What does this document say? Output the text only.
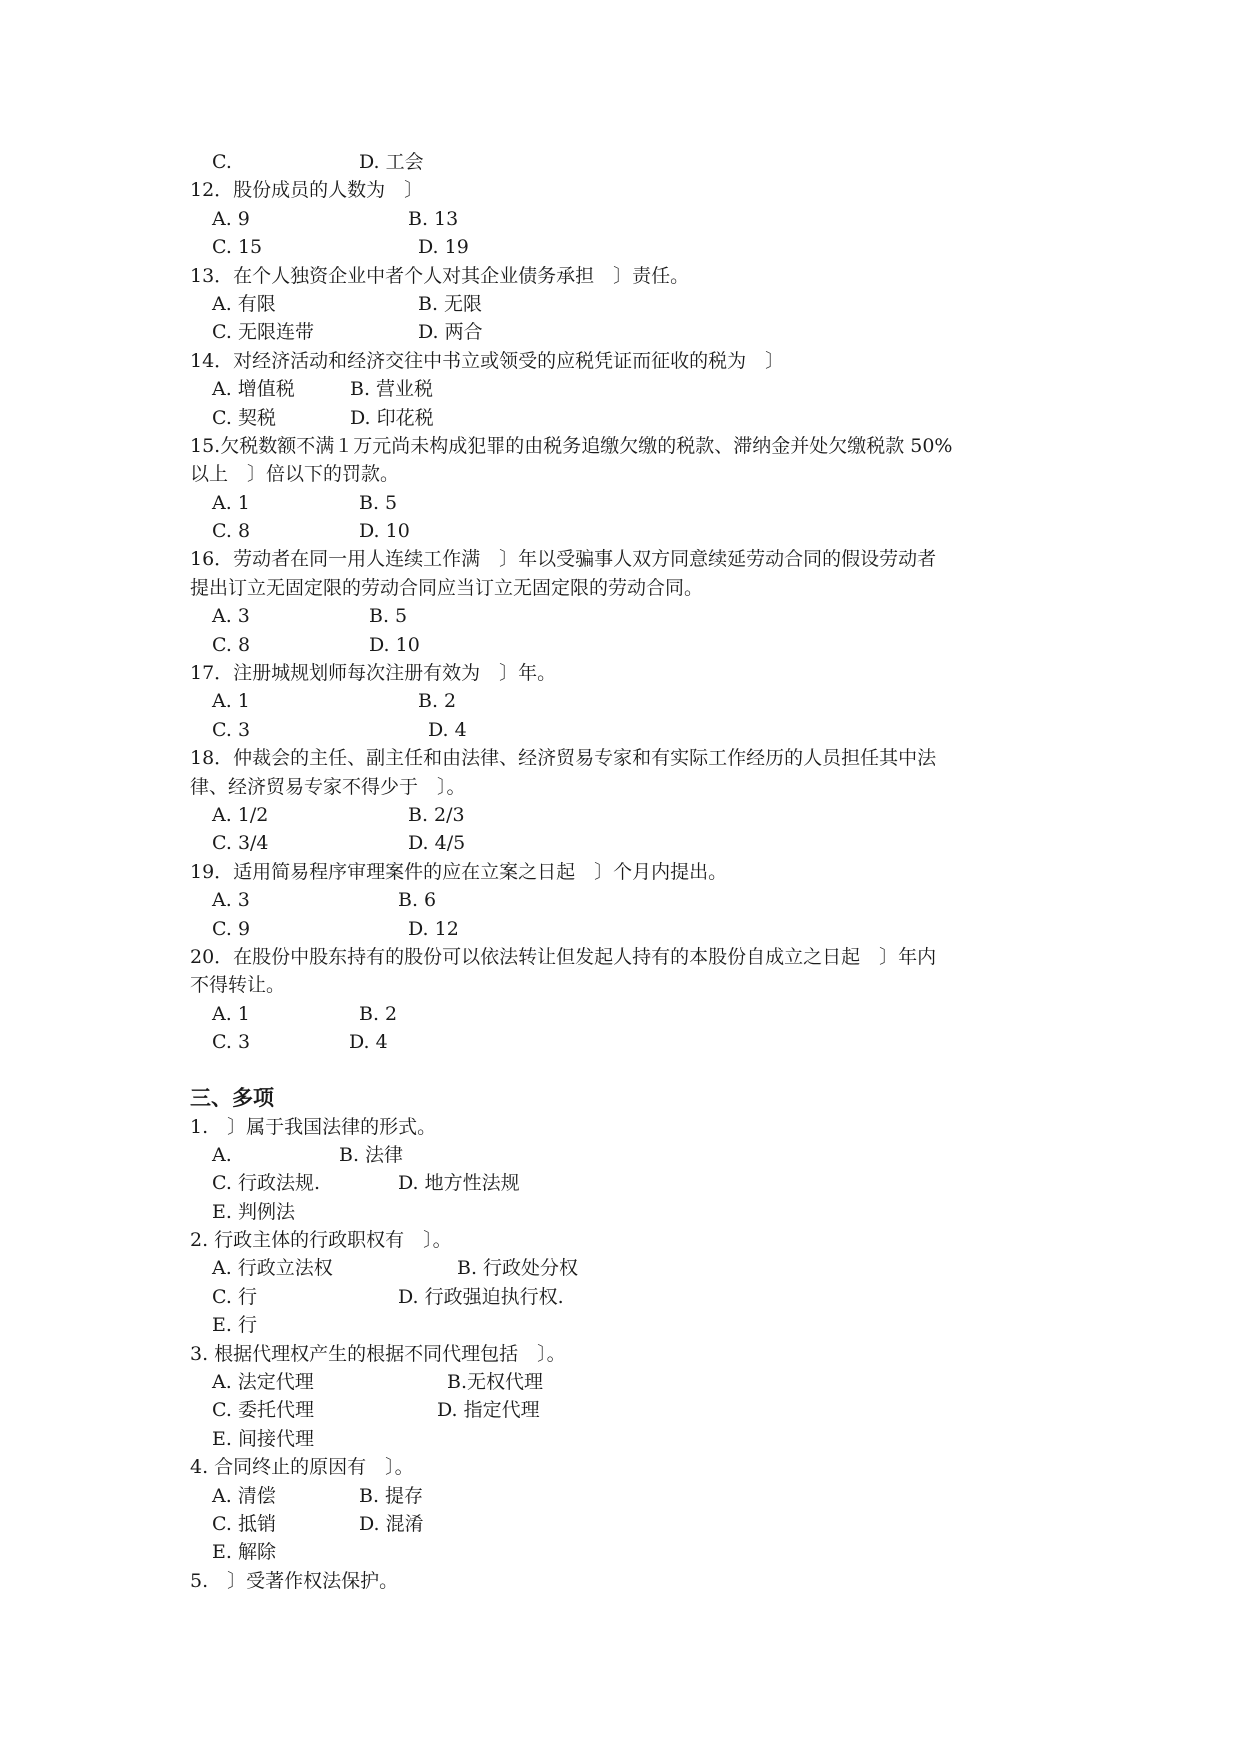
C.	D. 工会
12．股份成员的人数为　〕
A. 9	B. 13
C. 15	D. 19
13．在个人独资企业中者个人对其企业债务承担　〕责任。
A. 有限	B. 无限
C. 无限连带	D. 两合
14．对经济活动和经济交往中书立或领受的应税凭证而征收的税为　〕
A. 增值税	B. 营业税
C. 契税	D. 印花税
15.欠税数额不满１万元尚未构成犯罪的由税务追缴欠缴的税款、滞纳金并处欠缴税款 50%
以上　〕倍以下的罚款。
A. 1	B. 5
C. 8	D. 10
16．劳动者在同一用人连续工作满　〕年以受骗事人双方同意续延劳动合同的假设劳动者
提出订立无固定限的劳动合同应当订立无固定限的劳动合同。
A. 3	B. 5
C. 8	D. 10
17．注册城规划师每次注册有效为　〕年。
A. 1	B. 2
C. 3	D. 4
18．仲裁会的主任、副主任和由法律、经济贸易专家和有实际工作经历的人员担任其中法
律、经济贸易专家不得少于　〕。
A. 1/2	B. 2/3
C. 3/4	D. 4/5
19．适用简易程序审理案件的应在立案之日起　〕个月内提出。
A. 3	B. 6
C. 9	D. 12
20．在股份中股东持有的股份可以依法转让但发起人持有的本股份自成立之日起　〕年内
不得转让。
A. 1	B. 2
C. 3	D. 4
三、多项
1.　〕属于我国法律的形式。
A.	B. 法律
C. 行政法规.	D. 地方性法规
E. 判例法
2. 行政主体的行政职权有　〕。
A. 行政立法权	B. 行政处分权
C. 行	D. 行政强迫执行权.
E. 行
3. 根据代理权产生的根据不同代理包括　〕。
A. 法定代理	B.无权代理
C. 委托代理	D. 指定代理
E. 间接代理
4. 合同终止的原因有　〕。
A. 清偿	B. 提存
C. 抵销	D. 混淆
E. 解除
5.　〕受著作权法保护。
